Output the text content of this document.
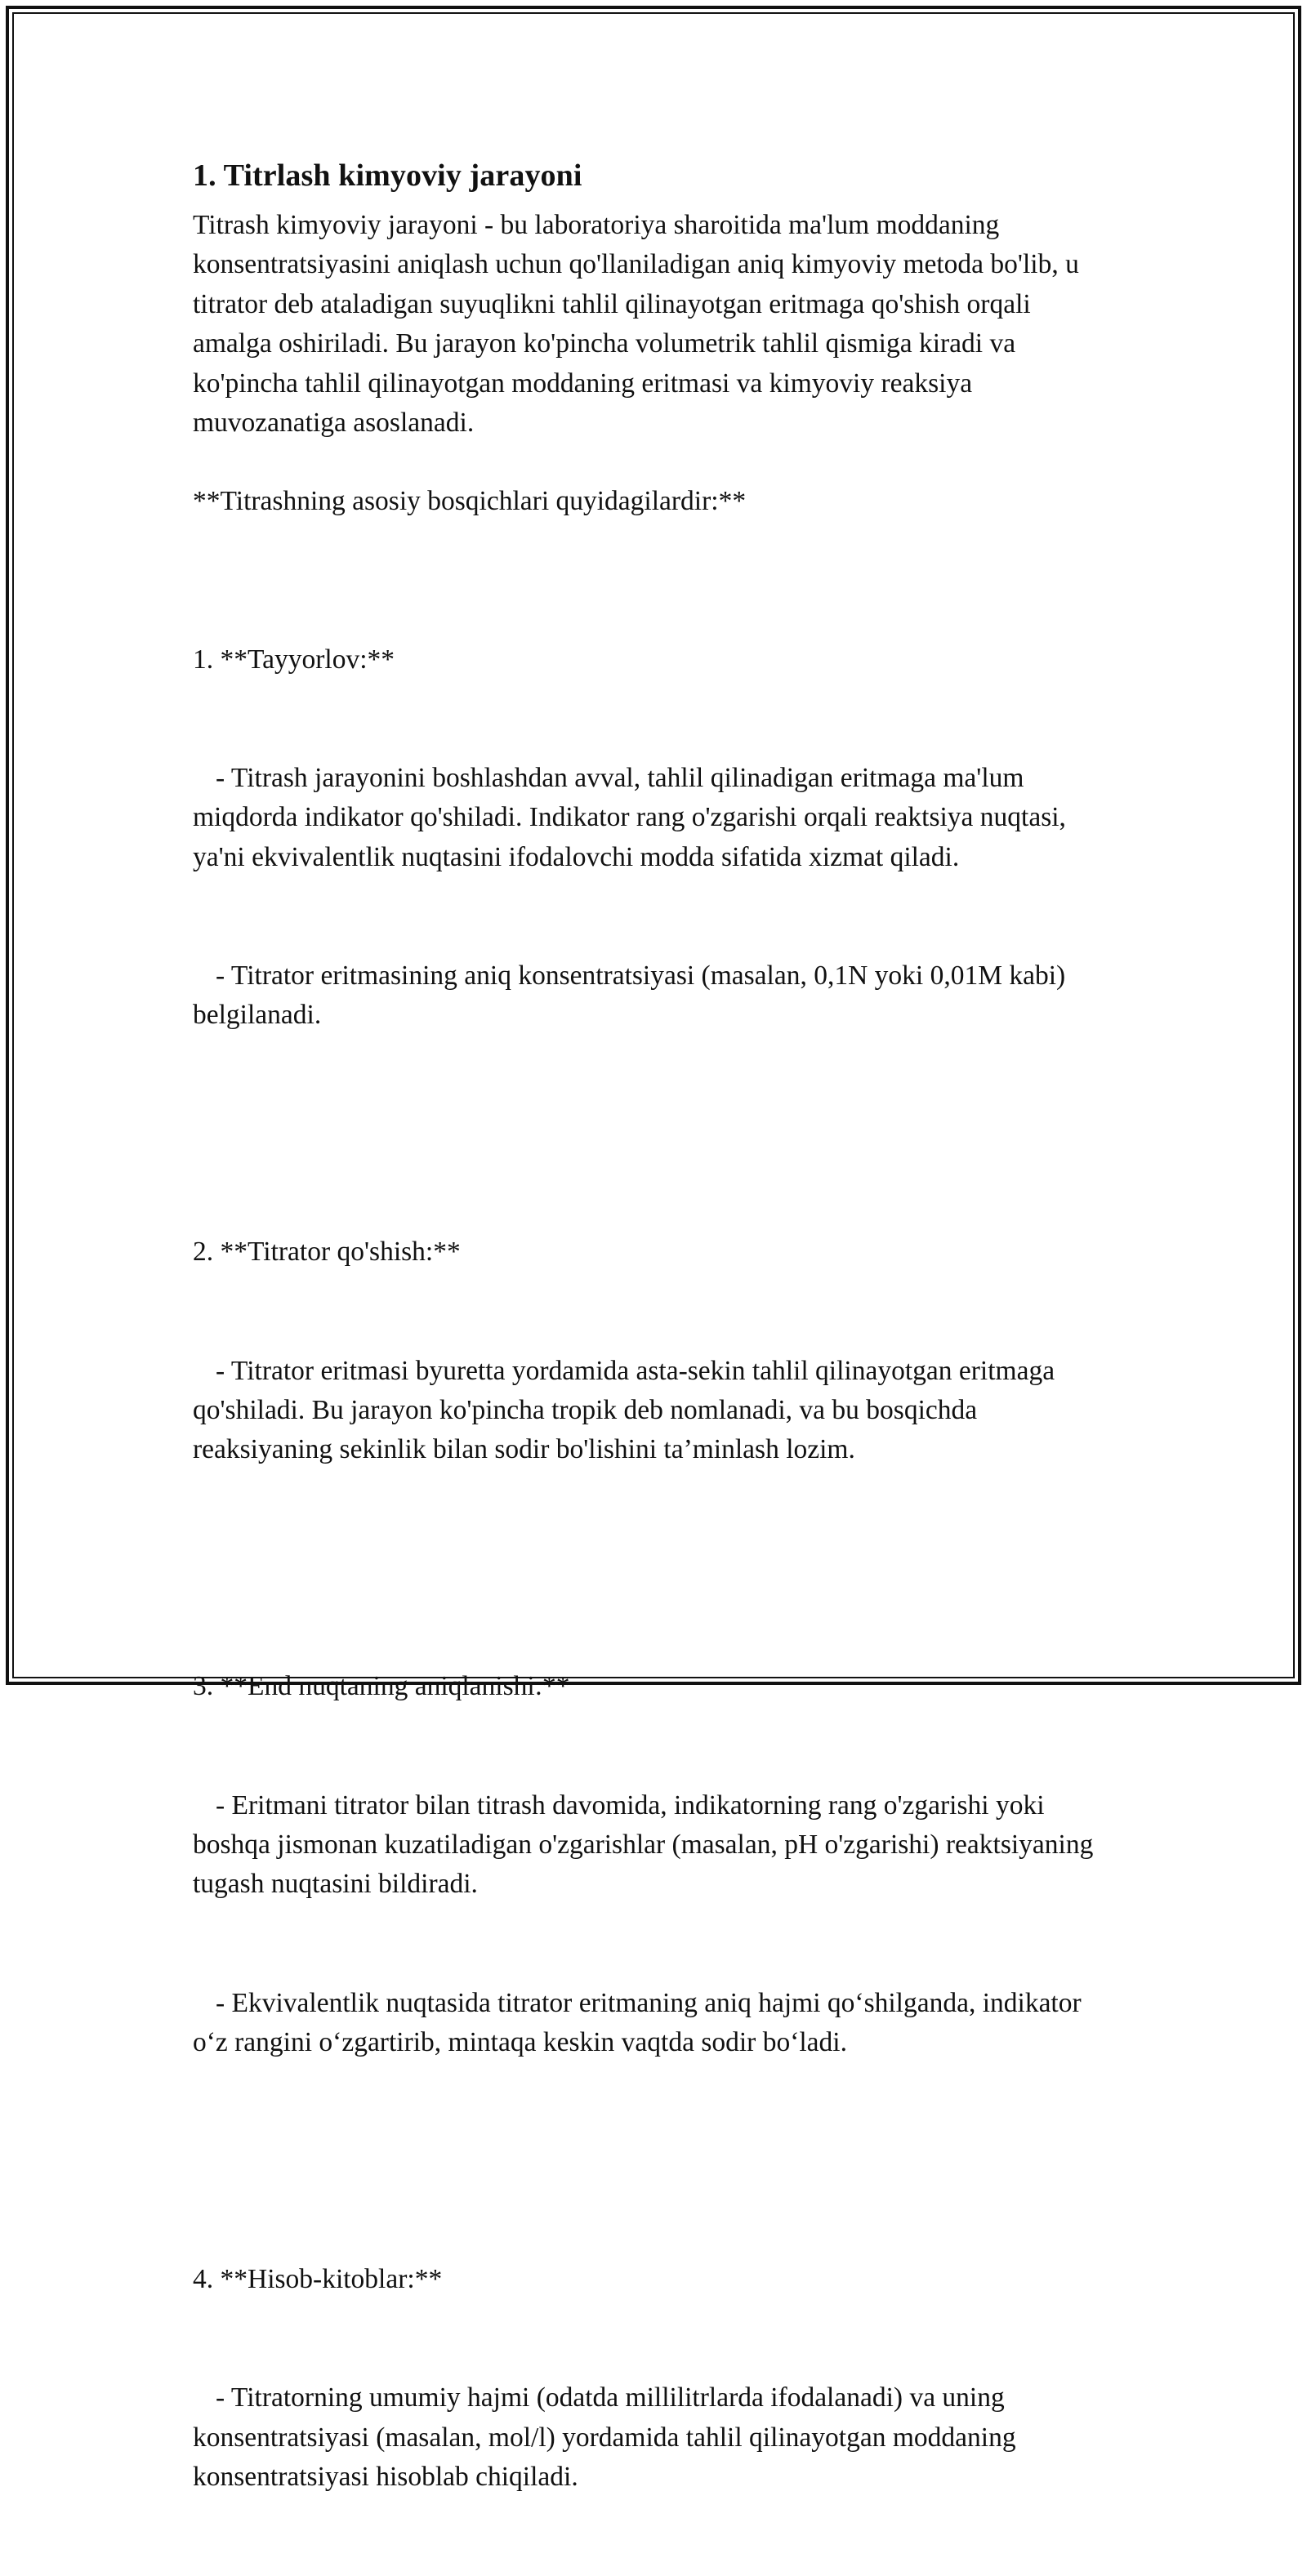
1. Titrlash kimyoviy jarayoni

Titrash kimyoviy jarayoni - bu laboratoriya sharoitida ma'lum moddaning konsentratsiyasini aniqlash uchun qo'llaniladigan aniq kimyoviy metoda bo'lib, u titrator deb ataladigan suyuqlikni tahlil qilinayotgan eritmaga qo'shish orqali amalga oshiriladi. Bu jarayon ko'pincha volumetrik tahlil qismiga kiradi va ko'pincha tahlil qilinayotgan moddaning eritmasi va kimyoviy reaksiya muvozanatiga asoslanadi.

**Titrashning asosiy bosqichlari quyidagilardir:**

1. **Tayyorlov:**

- Titrash jarayonini boshlashdan avval, tahlil qilinadigan eritmaga ma'lum miqdorda indikator qo'shiladi. Indikator rang o'zgarishi orqali reaktsiya nuqtasi, ya'ni ekvivalentlik nuqtasini ifodalovchi modda sifatida xizmat qiladi.

- Titrator eritmasining aniq konsentratsiyasi (masalan, 0,1N yoki 0,01M kabi) belgilanadi.

2. **Titrator qo'shish:**

- Titrator eritmasi byuretta yordamida asta-sekin tahlil qilinayotgan eritmaga qo'shiladi. Bu jarayon ko'pincha tropik deb nomlanadi, va bu bosqichda reaksiyaning sekinlik bilan sodir bo'lishini ta’minlash lozim.

3. **End nuqtaning aniqlanishi:**

- Eritmani titrator bilan titrash davomida, indikatorning rang o'zgarishi yoki boshqa jismonan kuzatiladigan o'zgarishlar (masalan, pH o'zgarishi) reaktsiyaning tugash nuqtasini bildiradi.

- Ekvivalentlik nuqtasida titrator eritmaning aniq hajmi qo‘shilganda, indikator o‘z rangini o‘zgartirib, mintaqa keskin vaqtda sodir bo‘ladi.

4. **Hisob-kitoblar:**

- Titratorning umumiy hajmi (odatda millilitrlarda ifodalanadi) va uning konsentratsiyasi (masalan, mol/l) yordamida tahlil qilinayotgan moddaning konsentratsiyasi hisoblab chiqiladi.
